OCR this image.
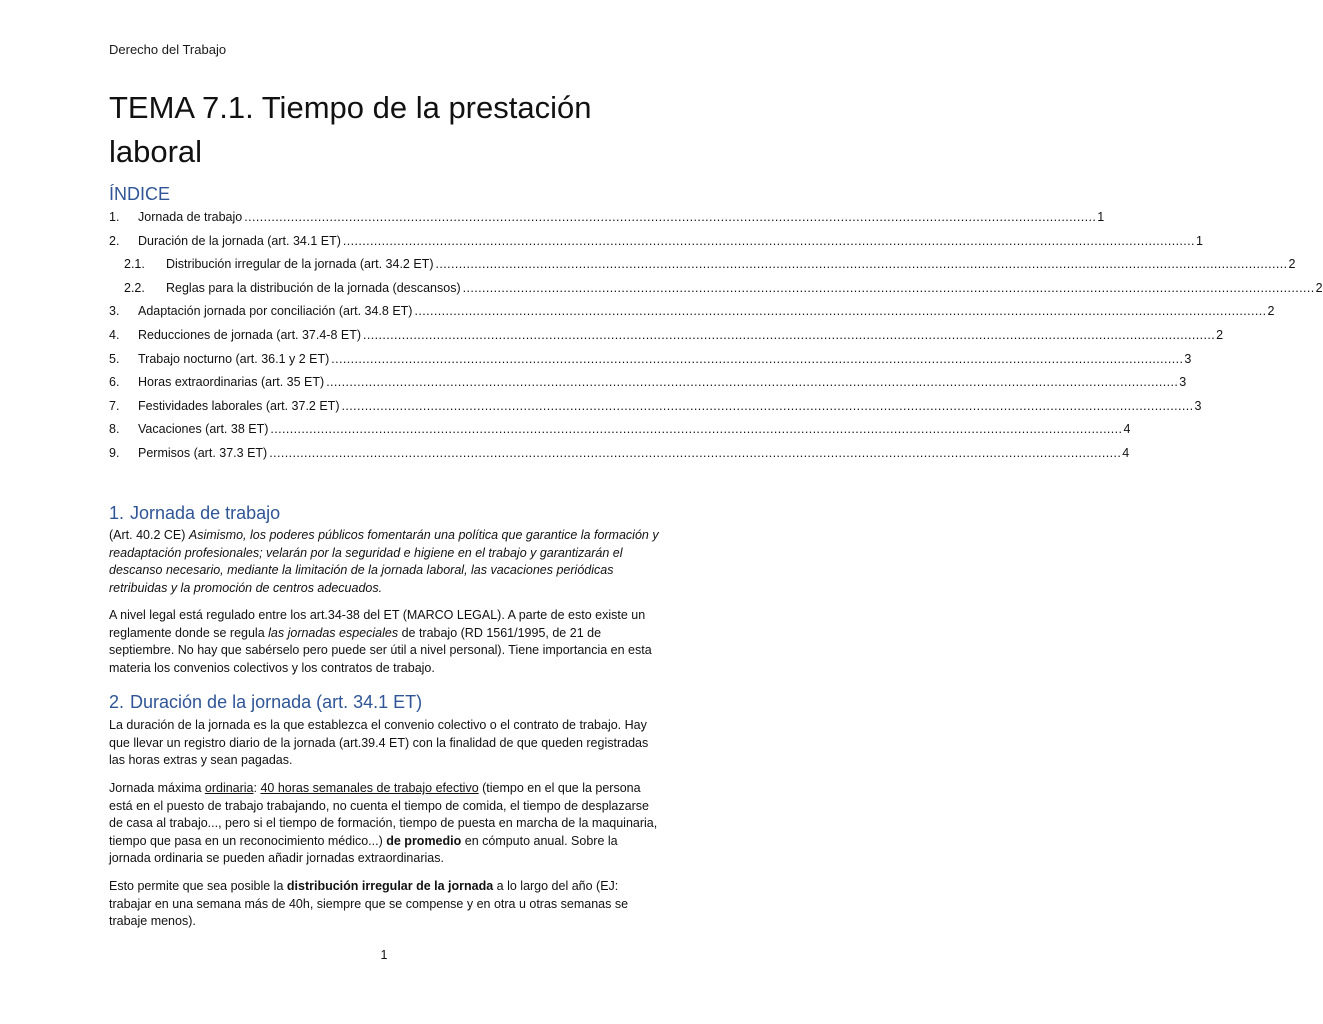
Derecho del Trabajo
TEMA 7.1. Tiempo de la prestación laboral
ÍNDICE
1.	Jornada de trabajo ............................................................................................................................................................................................................................ 1
2.	Duración de la jornada (art. 34.1 ET) ............................................................................................................................................................................................................................ 1
2.1.	Distribución irregular de la jornada (art. 34.2 ET) ............................................................................................................................................................................................................................ 2
2.2.	Reglas para la distribución de la jornada (descansos) ............................................................................................................................................................................................................................ 2
3.	Adaptación jornada por conciliación (art. 34.8 ET) ............................................................................................................................................................................................................................ 2
4.	Reducciones de jornada (art. 37.4-8 ET) ............................................................................................................................................................................................................................ 2
5.	Trabajo nocturno (art. 36.1 y 2 ET) ............................................................................................................................................................................................................................ 3
6.	Horas extraordinarias (art. 35 ET) ............................................................................................................................................................................................................................ 3
7.	Festividades laborales (art. 37.2 ET) ............................................................................................................................................................................................................................ 3
8.	Vacaciones (art. 38 ET) ............................................................................................................................................................................................................................ 4
9.	Permisos (art. 37.3 ET) ............................................................................................................................................................................................................................ 4
1. Jornada de trabajo

(Art. 40.2 CE) Asimismo, los poderes públicos fomentarán una política que garantice la formación y readaptación profesionales; velarán por la seguridad e higiene en el trabajo y garantizarán el descanso necesario, mediante la limitación de la jornada laboral, las vacaciones periódicas retribuidas y la promoción de centros adecuados.

A nivel legal está regulado entre los art.34-38 del ET (MARCO LEGAL). A parte de esto existe un reglamente donde se regula las jornadas especiales de trabajo (RD 1561/1995, de 21 de septiembre. No hay que sabérselo pero puede ser útil a nivel personal). Tiene importancia en esta materia los convenios colectivos y los contratos de trabajo.

2. Duración de la jornada (art. 34.1 ET)

La duración de la jornada es la que establezca el convenio colectivo o el contrato de trabajo. Hay que llevar un registro diario de la jornada (art.39.4 ET) con la finalidad de que queden registradas las horas extras y sean pagadas.

Jornada máxima ordinaria: 40 horas semanales de trabajo efectivo (tiempo en el que la persona está en el puesto de trabajo trabajando, no cuenta el tiempo de comida, el tiempo de desplazarse de casa al trabajo..., pero si el tiempo de formación, tiempo de puesta en marcha de la maquinaria, tiempo que pasa en un reconocimiento médico...) de promedio en cómputo anual. Sobre la jornada ordinaria se pueden añadir jornadas extraordinarias.

Esto permite que sea posible la distribución irregular de la jornada a lo largo del año (EJ: trabajar en una semana más de 40h, siempre que se compense y en otra u otras semanas se trabaje menos).

1
